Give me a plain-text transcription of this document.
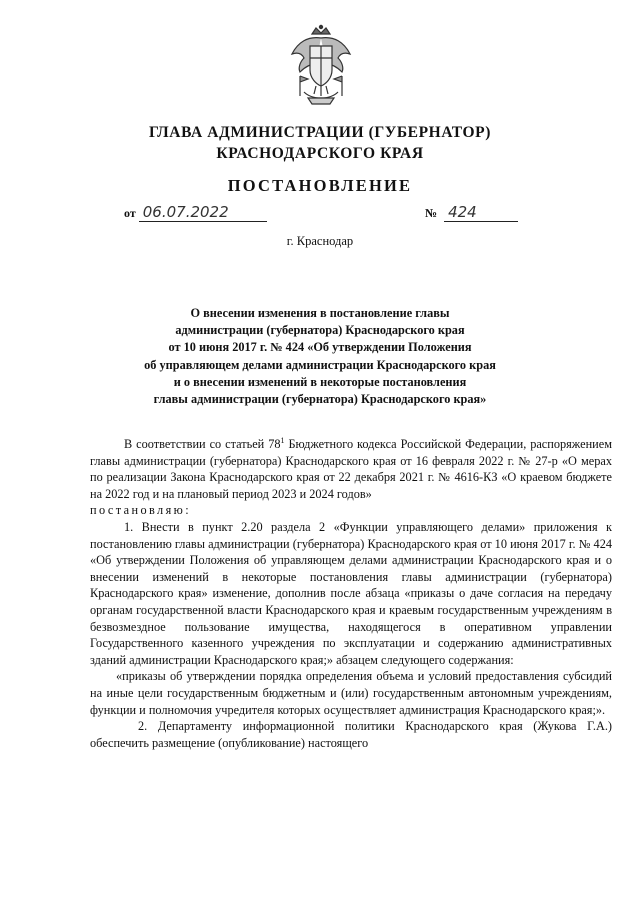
ГЛАВА АДМИНИСТРАЦИИ (ГУБЕРНАТОР)
КРАСНОДАРСКОГО КРАЯ
ПОСТАНОВЛЕНИЕ
от 06.07.2022	№ 424
г. Краснодар
О внесении изменения в постановление главы
администрации (губернатора) Краснодарского края
от 10 июня 2017 г. № 424 «Об утверждении Положения
об управляющем делами администрации Краснодарского края
и о внесении изменений в некоторые постановления
главы администрации (губернатора) Краснодарского края»

В соответствии со статьей $78^1$ Бюджетного кодекса Российской Федерации, распоряжением главы администрации (губернатора) Краснодарского края от 16 февраля 2022 г. № 27-р «О мерах по реализации Закона Краснодарского края от 22 декабря 2021 г. № 4616-КЗ «О краевом бюджете на 2022 год и на плановый период 2023 и 2024 годов»

постановляю:

1. Внести в пункт 2.20 раздела 2 «Функции управляющего делами» приложения к постановлению главы администрации (губернатора) Краснодарского края от 10 июня 2017 г. № 424 «Об утверждении Положения об управляющем делами администрации Краснодарского края и о внесении изменений в некоторые постановления главы администрации (губернатора) Краснодарского края» изменение, дополнив после абзаца «приказы о даче согласия на передачу органам государственной власти Краснодарского края и краевым государственным учреждениям в безвозмездное пользование имущества, находящегося в оперативном управлении Государственного казенного учреждения по эксплуатации и содержанию административных зданий администрации Краснодарского края;» абзацем следующего содержания:

«приказы об утверждении порядка определения объема и условий предоставления субсидий на иные цели государственным бюджетным и (или) государственным автономным учреждениям, функции и полномочия учредителя которых осуществляет администрация Краснодарского края;».

2. Департаменту информационной политики Краснодарского края (Жукова Г.А.) обеспечить размещение (опубликование) настоящего
